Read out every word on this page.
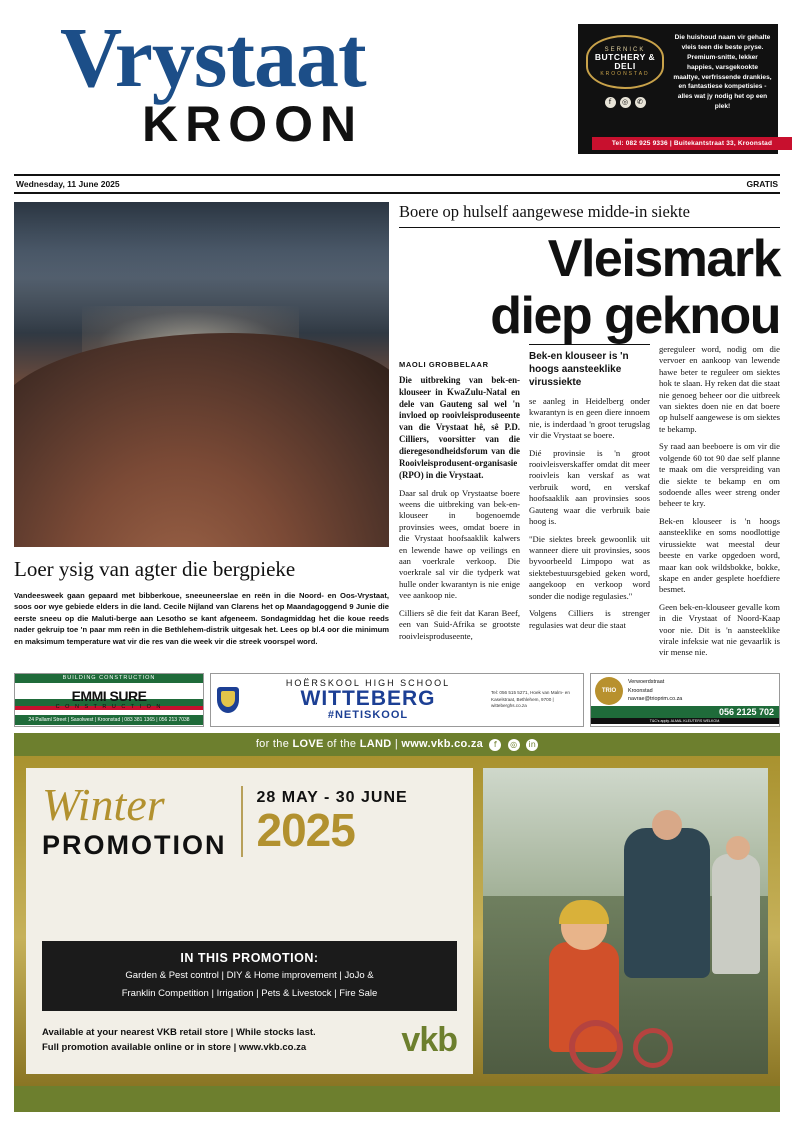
Vrystaat
KROON
SERNICK
BUTCHERY & DELI
KROONSTAD
f	◎	✆
Die huishoud naam vir gehalte vleis teen die beste pryse. Premium-snitte, lekker happies, varsgekookte maaltye, verfrissende drankies, en fantastiese kompetisies - alles wat jy nodig het op een plek!
Tel: 082 925 9336 | Buitekantstraat 33, Kroonstad
Wednesday, 11 June 2025	GRATIS
Loer ysig van agter die bergpieke
Vandeesweek gaan gepaard met bibberkoue, sneeuneerslae en reën in die Noord- en Oos-Vrystaat, soos oor wye gebiede elders in die land. Cecile Nijland van Clarens het op Maandagoggend 9 Junie die eerste sneeu op die Maluti-berge aan Lesotho se kant afgeneem. Sondagmiddag het die koue reeds nader gekruip toe 'n paar mm reën in die Bethlehem-distrik uitgesak het. Lees op bl.4 oor die minimum en maksimum temperature wat vir die res van die week vir die streek voorspel word.
Boere op hulself aangewese midde-in siekte
Vleismark
diep geknou
MAOLI GROBBELAAR

Die uitbreking van bek-en-klouseer in KwaZulu-Natal en dele van Gauteng sal wel 'n invloed op rooivleisproduseente van die Vrystaat hê, sê P.D. Cilliers, voorsitter van die dieregesondheidsforum van die Rooivleisprodusent-organisasie (RPO) in die Vrystaat.

Daar sal druk op Vrystaatse boere weens die uitbreking van bek-en-klouseer in bogenoemde provinsies wees, omdat boere in die Vrystaat hoofsaaklik kalwers en lewende hawe op veilings en aan voerkrale verkoop. Die voerkrale sal vir die tydperk wat hulle onder kwarantyn is nie enige vee aankoop nie.

Cilliers sê die feit dat Karan Beef, een van Suid-Afrika se grootste rooivleisproduseente,

Bek-en klouseer is 'n hoogs aansteeklike virussiekte

se aanleg in Heidelberg onder kwarantyn is en geen diere innoem nie, is inderdaad 'n groot terugslag vir die Vrystaat se boere.

Dié provinsie is 'n groot rooivleisverskaffer omdat dit meer rooivleis kan verskaf as wat verbruik word, en verskaf hoofsaaklik aan provinsies soos Gauteng waar die verbruik baie hoog is.

"Die siektes breek gewoonlik uit wanneer diere uit provinsies, soos byvoorbeeld Limpopo wat as siektebestuursgebied geken word, aangekoop en verkoop word sonder die nodige regulasies."

Volgens Cilliers is strenger regulasies wat deur die staat

gereguleer word, nodig om die vervoer en aankoop van lewende hawe beter te reguleer om siektes hok te slaan. Hy reken dat die staat nie genoeg beheer oor die uitbreek van siektes doen nie en dat boere op hulself aangewese is om siektes te bekamp.

Sy raad aan beeboere is om vir die volgende 60 tot 90 dae self planne te maak om die verspreiding van die siekte te bekamp en om sodoende alles weer streng onder beheer te kry.

Bek-en klouseer is 'n hoogs aansteeklike en soms noodlottige virussiekte wat meestal deur beeste en varke opgedoen word, maar kan ook wildsbokke, bokke, skape en ander gesplete hoefdiere besmet.

Geen bek-en-klouseer gevalle kom in die Vrystaat of Noord-Kaap voor nie. Dit is 'n aansteeklike virale infeksie wat nie gevaarlik is vir mense nie.

BUILDING CONSTRUCTION
EMMI SURE
C O N S T R U C T I O N
24 Pallaml Street | Sasolwest | Kroonstad | 083 381 1365 | 056 213 7038
HOËRSKOOL HIGH SCHOOL
WITTEBERG
#NETISKOOL
Tel: 056 515 5271, Hoek van Malm- en Kaselstraat, Bethlehem, 9700 | witteberghs.co.za
TRIO
Verwoerdstraat
Kroonstad
navrae@trioprim.co.za
056 2125 702
T&C's apply. ALMAL KLEUTERS WELKOM.
for the LOVE of the LAND | www.vkb.co.za f ◎ in
Winter
PROMOTION
28 MAY - 30 JUNE
2025
IN THIS PROMOTION:
Garden & Pest control | DIY & Home improvement | JoJo &
Franklin Competition | Irrigation | Pets & Livestock | Fire Sale
Available at your nearest VKB retail store | While stocks last.
Full promotion available online or in store | www.vkb.co.za	vkb
